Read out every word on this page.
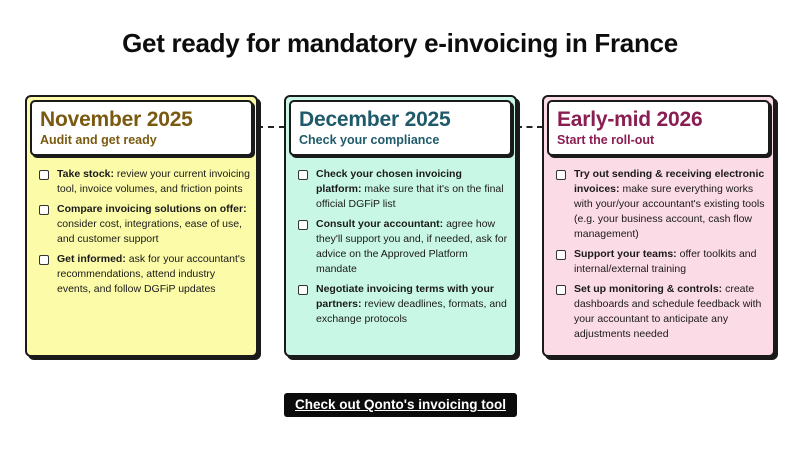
Get ready for mandatory e-invoicing in France
November 2025
Audit and get ready
Take stock: review your current invoicing tool, invoice volumes, and friction points
Compare invoicing solutions on offer: consider cost, integrations, ease of use, and customer support
Get informed: ask for your accountant's recommendations, attend industry events, and follow DGFiP updates
December 2025
Check your compliance
Check your chosen invoicing platform: make sure that it's on the final official DGFiP list
Consult your accountant: agree how they'll support you and, if needed, ask for advice on the Approved Platform mandate
Negotiate invoicing terms with your partners: review deadlines, formats, and exchange protocols
Early-mid 2026
Start the roll-out
Try out sending & receiving electronic invoices: make sure everything works with your/your accountant's existing tools (e.g. your business account, cash flow management)
Support your teams: offer toolkits and internal/external training
Set up monitoring & controls: create dashboards and schedule feedback with your accountant to anticipate any adjustments needed
Check out Qonto's invoicing tool
